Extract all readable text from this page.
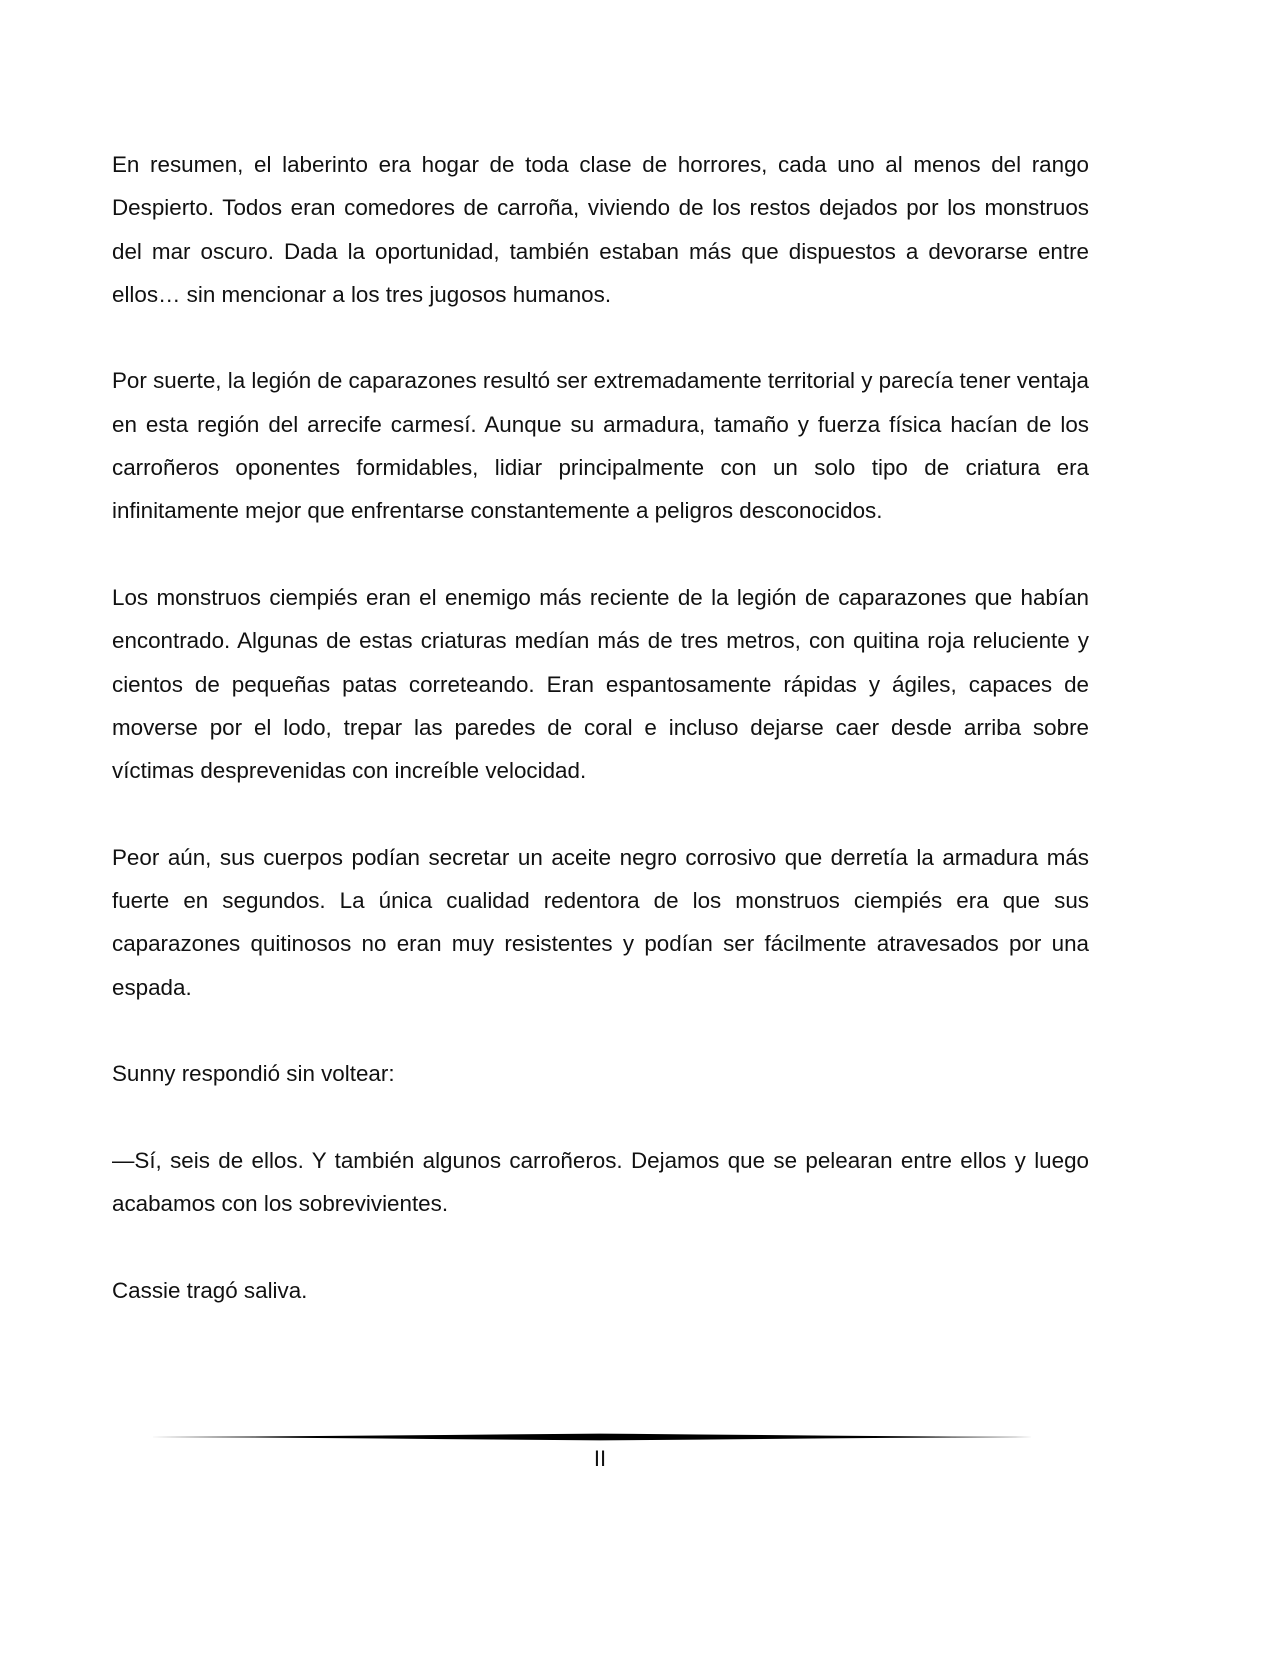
En resumen, el laberinto era hogar de toda clase de horrores, cada uno al menos del rango Despierto. Todos eran comedores de carroña, viviendo de los restos dejados por los monstruos del mar oscuro. Dada la oportunidad, también estaban más que dispuestos a devorarse entre ellos… sin mencionar a los tres jugosos humanos.

Por suerte, la legión de caparazones resultó ser extremadamente territorial y parecía tener ventaja en esta región del arrecife carmesí. Aunque su armadura, tamaño y fuerza física hacían de los carroñeros oponentes formidables, lidiar principalmente con un solo tipo de criatura era infinitamente mejor que enfrentarse constantemente a peligros desconocidos.

Los monstruos ciempiés eran el enemigo más reciente de la legión de caparazones que habían encontrado. Algunas de estas criaturas medían más de tres metros, con quitina roja reluciente y cientos de pequeñas patas correteando. Eran espantosamente rápidas y ágiles, capaces de moverse por el lodo, trepar las paredes de coral e incluso dejarse caer desde arriba sobre víctimas desprevenidas con increíble velocidad.

Peor aún, sus cuerpos podían secretar un aceite negro corrosivo que derretía la armadura más fuerte en segundos. La única cualidad redentora de los monstruos ciempiés era que sus caparazones quitinosos no eran muy resistentes y podían ser fácilmente atravesados por una espada.

Sunny respondió sin voltear:

—Sí, seis de ellos. Y también algunos carroñeros. Dejamos que se pelearan entre ellos y luego acabamos con los sobrevivientes.

Cassie tragó saliva.

II
